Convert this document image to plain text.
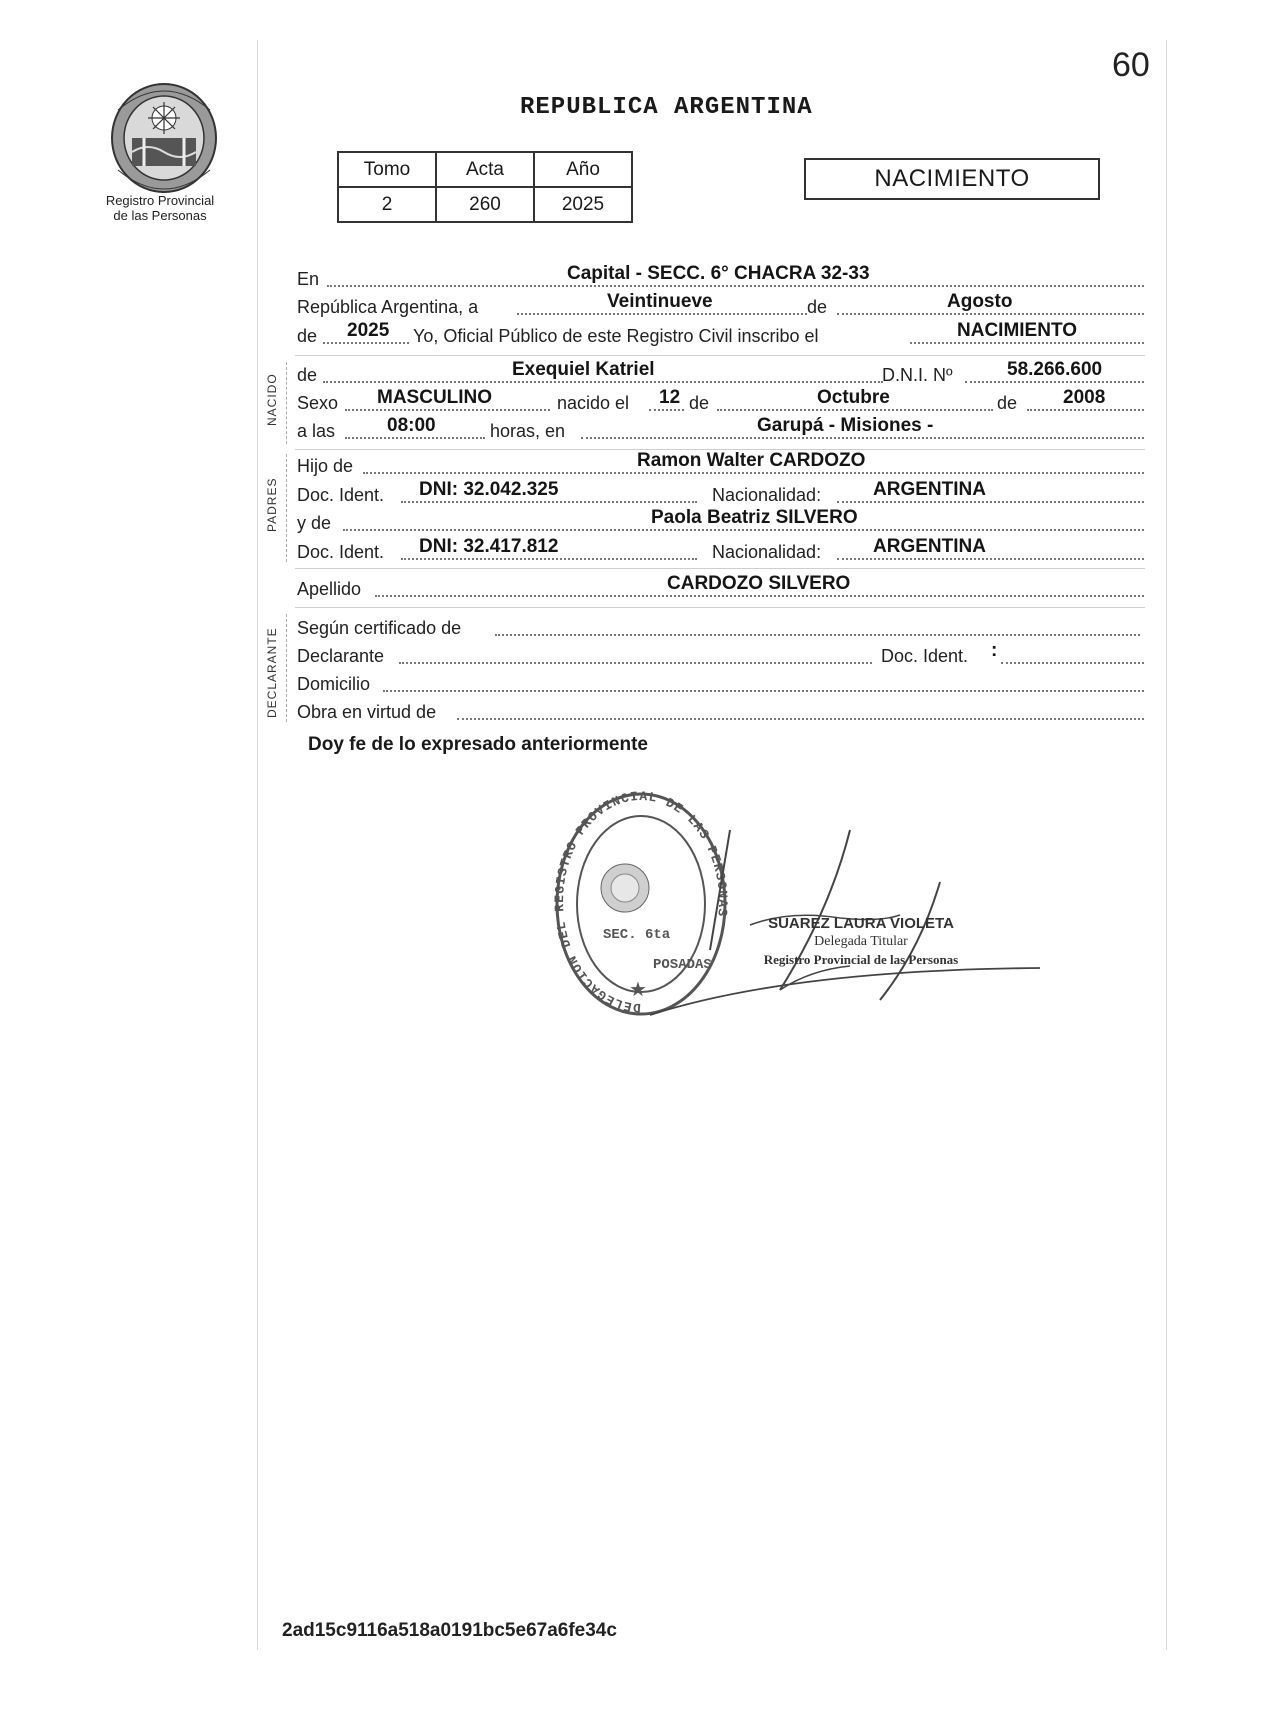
60
Registro Provincial
de las Personas
REPUBLICA ARGENTINA
Tomo	Acta	Año
2	260	2025
NACIMIENTO
En	Capital - SECC. 6° CHACRA 32-33
República Argentina, a	Veintinueve	de	Agosto
de 2025 Yo, Oficial Público de este Registro Civil inscribo el	NACIMIENTO
NACIDO de	Exequiel Katriel	D.N.I. Nº	58.266.600
Sexo MASCULINO	nacido el 12 de	Octubre	de 2008
a las	08:00	horas, en	Garupá - Misiones -
PADRES
Hijo de	Ramon Walter CARDOZO
Doc. Ident. DNI: 32.042.325	Nacionalidad:	ARGENTINA
y de	Paola Beatriz SILVERO
Doc. Ident. DNI: 32.417.812	Nacionalidad:	ARGENTINA
Apellido	CARDOZO SILVERO
DECLARANTE Según certificado de
Declarante	Doc. Ident. :
Domicilio
Obra en virtud de
Doy fe de lo expresado anteriormente
DELEGACION DEL REGISTRO PROVINCIAL DE LAS PERSONAS
SEC. 6ta
POSADAS
★
SUAREZ LAURA VIOLETA
Delegada Titular
Registro Provincial de las Personas
2ad15c9116a518a0191bc5e67a6fe34c
